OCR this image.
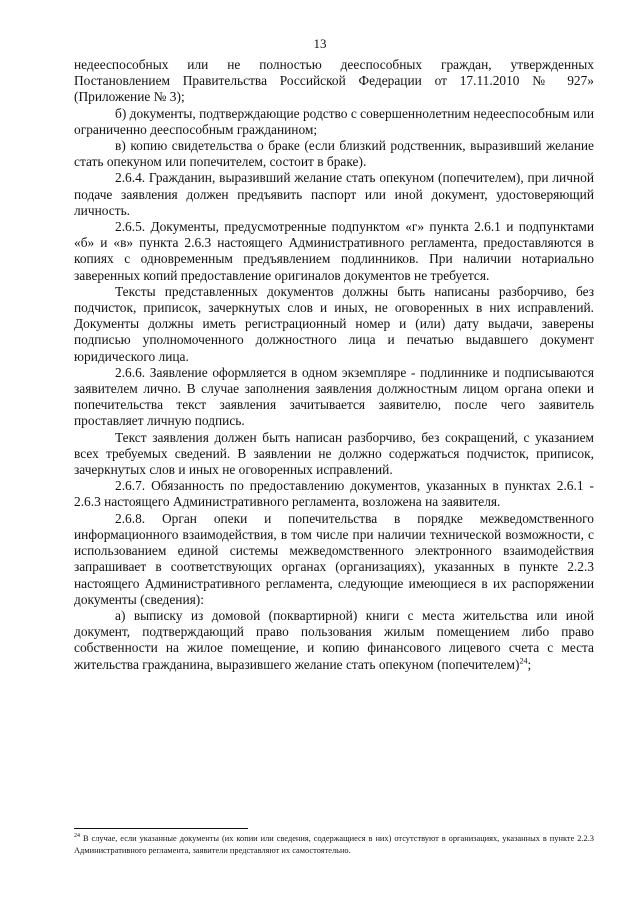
13

недееспособных или не полностью дееспособных граждан, утвержденных Постановлением Правительства Российской Федерации от 17.11.2010 № 927» (Приложение № 3);

б) документы, подтверждающие родство с совершеннолетним недееспособным или ограниченно дееспособным гражданином;

в) копию свидетельства о браке (если близкий родственник, выразивший желание стать опекуном или попечителем, состоит в браке).

2.6.4. Гражданин, выразивший желание стать опекуном (попечителем), при личной подаче заявления должен предъявить паспорт или иной документ, удостоверяющий личность.

2.6.5. Документы, предусмотренные подпунктом «г» пункта 2.6.1 и подпунктами «б» и «в» пункта 2.6.3 настоящего Административного регламента, предоставляются в копиях с одновременным предъявлением подлинников. При наличии нотариально заверенных копий предоставление оригиналов документов не требуется.

Тексты представленных документов должны быть написаны разборчиво, без подчисток, приписок, зачеркнутых слов и иных, не оговоренных в них исправлений. Документы должны иметь регистрационный номер и (или) дату выдачи, заверены подписью уполномоченного должностного лица и печатью выдавшего документ юридического лица.

2.6.6. Заявление оформляется в одном экземпляре - подлиннике и подписываются заявителем лично. В случае заполнения заявления должностным лицом органа опеки и попечительства текст заявления зачитывается заявителю, после чего заявитель проставляет личную подпись.

Текст заявления должен быть написан разборчиво, без сокращений, с указанием всех требуемых сведений. В заявлении не должно содержаться подчисток, приписок, зачеркнутых слов и иных не оговоренных исправлений.

2.6.7. Обязанность по предоставлению документов, указанных в пунктах 2.6.1 - 2.6.3 настоящего Административного регламента, возложена на заявителя.

2.6.8. Орган опеки и попечительства в порядке межведомственного информационного взаимодействия, в том числе при наличии технической возможности, с использованием единой системы межведомственного электронного взаимодействия запрашивает в соответствующих органах (организациях), указанных в пункте 2.2.3 настоящего Административного регламента, следующие имеющиеся в их распоряжении документы (сведения):

а) выписку из домовой (поквартирной) книги с места жительства или иной документ, подтверждающий право пользования жилым помещением либо право собственности на жилое помещение, и копию финансового лицевого счета с места жительства гражданина, выразившего желание стать опекуном (попечителем)$^{24}$;

$^{24}$ В случае, если указанные документы (их копии или сведения, содержащиеся в них) отсутствуют в организациях, указанных в пункте 2.2.3 Административного регламента, заявители представляют их самостоятельно.
